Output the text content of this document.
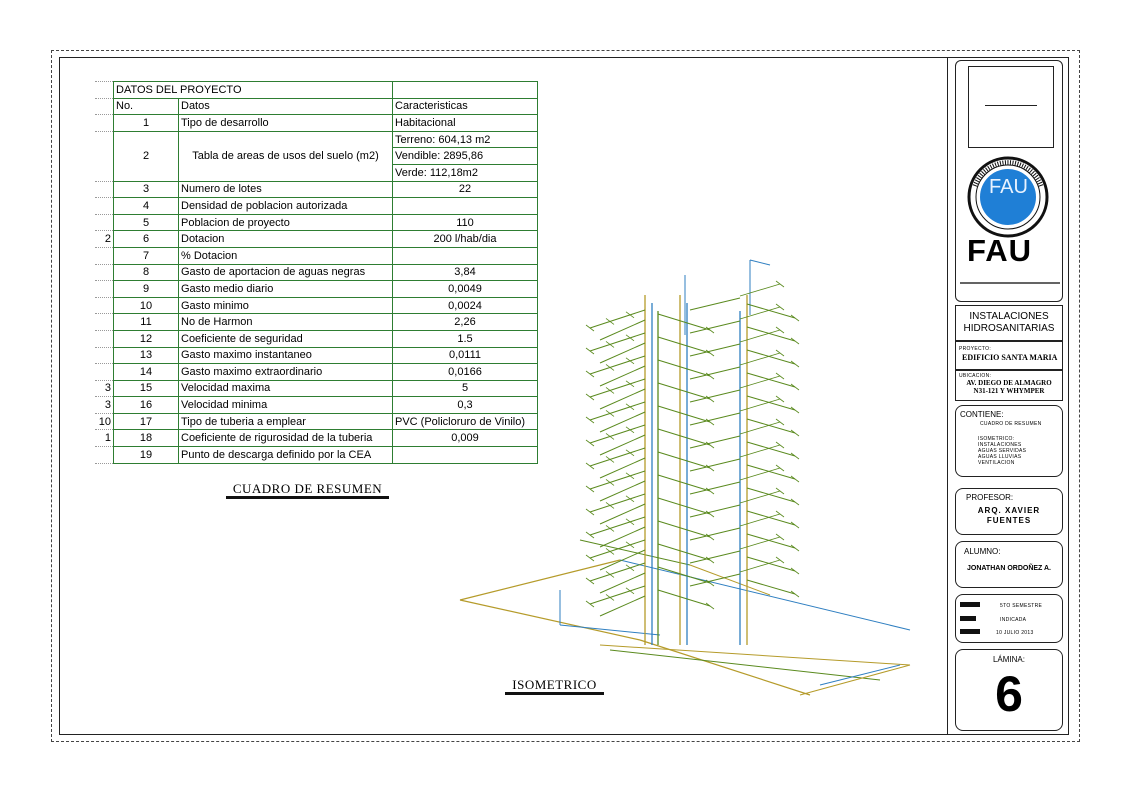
	DATOS DEL PROYECTO		
	No.	Datos	Caracteristicas
	1	Tipo de desarrollo	Habitacional
	2	Tabla de areas de usos del suelo (m2)	Terreno: 604,13 m2
			Vendible: 2895,86
			Verde: 112,18m2
	3	Numero de lotes	22
	4	Densidad de poblacion autorizada	
	5	Poblacion de proyecto	110
2	6	Dotacion	200 l/hab/dia
	7	% Dotacion	
	8	Gasto de aportacion de aguas negras	3,84
	9	Gasto medio diario	0,0049
	10	Gasto minimo	0,0024
	11	No de Harmon	2,26
	12	Coeficiente de seguridad	1.5
	13	Gasto maximo instantaneo	0,0111
	14	Gasto maximo extraordinario	0,0166
3	15	Velocidad maxima	5
3	16	Velocidad minima	0,3
10	17	Tipo de tuberia a emplear	PVC (Policloruro de Vinilo)
1	18	Coeficiente de rigurosidad de la tuberia	0,009
	19	Punto de descarga definido por la CEA	
CUADRO DE RESUMEN
ISOMETRICO
FAU
FAU
INSTALACIONES HIDROSANITARIAS
PROYECTO:
EDIFICIO SANTA MARIA
UBICACION:
AV. DIEGO DE ALMAGRO
N31-121 Y WHYMPER
CONTIENE:
CUADRO DE RESUMEN
ISOMETRICO:
INSTALACIONES
AGUAS SERVIDAS
AGUAS LLUVIAS
VENTILACION
PROFESOR:
ARQ. XAVIER
FUENTES
ALUMNO:
JONATHAN ORDOÑEZ A.
5TO SEMESTRE
INDICADA
10 JULIO 2013
LÁMINA:
6
